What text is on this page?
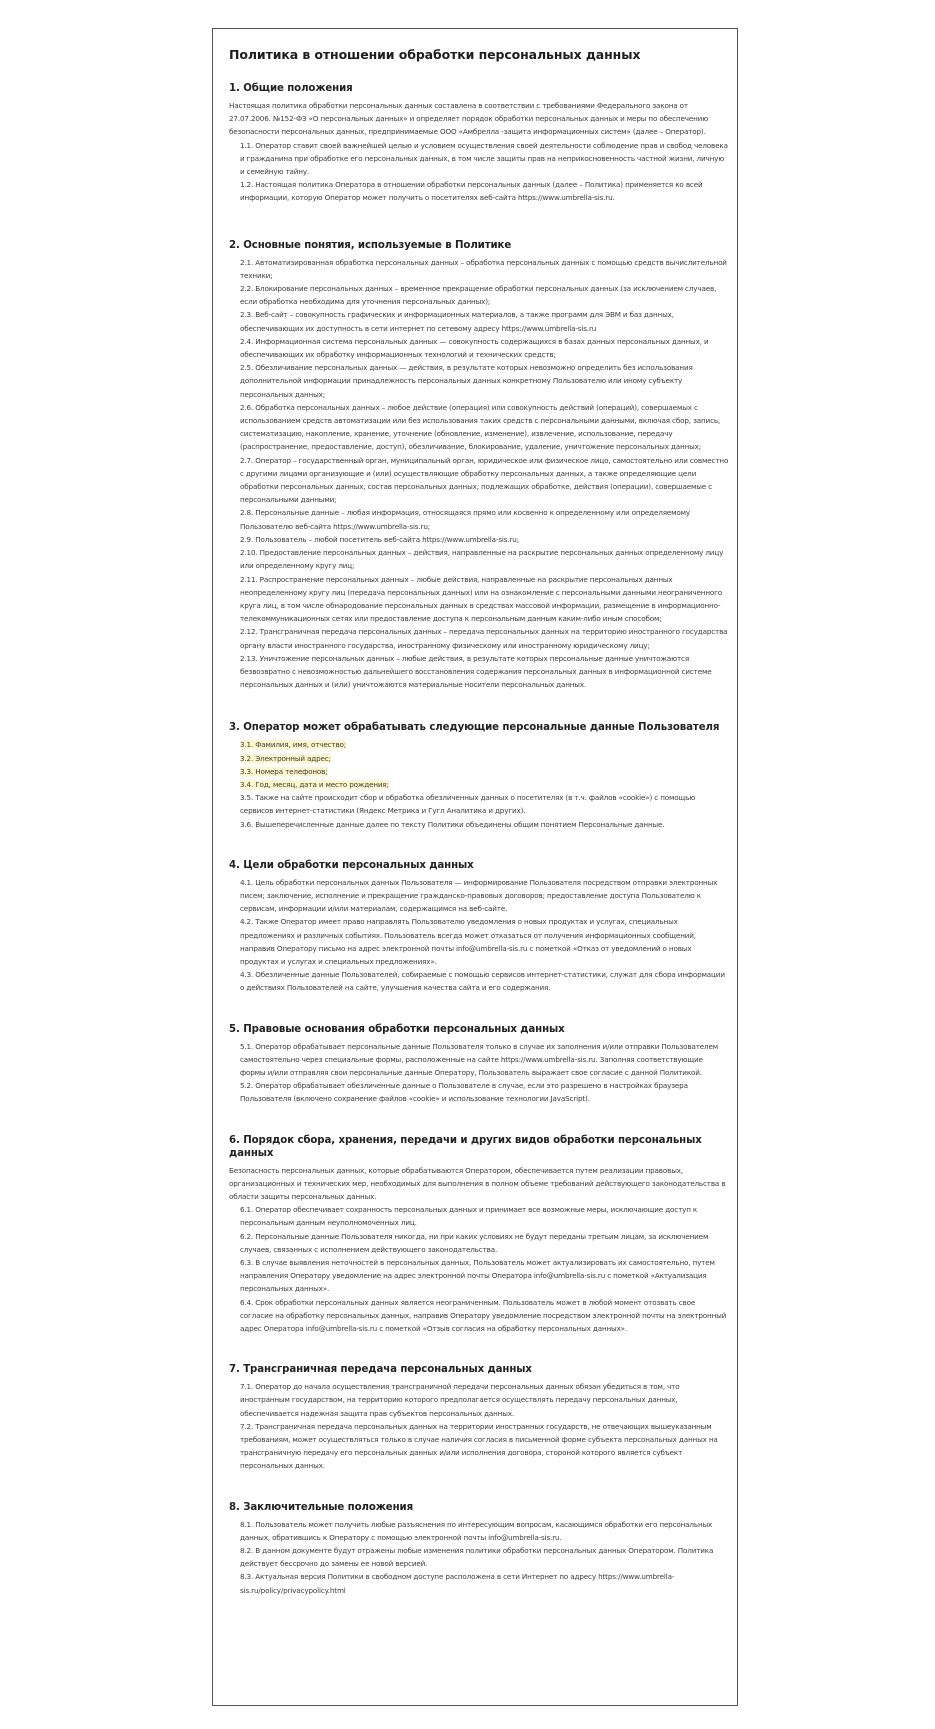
Политика в отношении обработки персональных данных
1. Общие положения

Настоящая политика обработки персональных данных составлена в соответствии с требованиями Федерального закона от 27.07.2006. №152-ФЗ «О персональных данных» и определяет порядок обработки персональных данных и меры по обеспечению безопасности персональных данных, предпринимаемые ООО «Амбрелла -защита информационных систем» (далее – Оператор).

1.1. Оператор ставит своей важнейшей целью и условием осуществления своей деятельности соблюдение прав и свобод человека и гражданина при обработке его персональных данных, в том числе защиты прав на неприкосновенность частной жизни, личную и семейную тайну.

1.2. Настоящая политика Оператора в отношении обработки персональных данных (далее – Политика) применяется ко всей информации, которую Оператор может получить о посетителях веб-сайта https://www.umbrella-sis.ru.

2. Основные понятия, используемые в Политике

2.1. Автоматизированная обработка персональных данных – обработка персональных данных с помощью средств вычислительной техники;

2.2. Блокирование персональных данных – временное прекращение обработки персональных данных (за исключением случаев, если обработка необходима для уточнения персональных данных);

2.3. Веб-сайт – совокупность графических и информационных материалов, а также программ для ЭВМ и баз данных, обеспечивающих их доступность в сети интернет по сетевому адресу https://www.umbrella-sis.ru

2.4. Информационная система персональных данных — совокупность содержащихся в базах данных персональных данных, и обеспечивающих их обработку информационных технологий и технических средств;

2.5. Обезличивание персональных данных — действия, в результате которых невозможно определить без использования дополнительной информации принадлежность персональных данных конкретному Пользователю или иному субъекту персональных данных;

2.6. Обработка персональных данных – любое действие (операция) или совокупность действий (операций), совершаемых с использованием средств автоматизации или без использования таких средств с персональными данными, включая сбор, запись, систематизацию, накопление, хранение, уточнение (обновление, изменение), извлечение, использование, передачу (распространение, предоставление, доступ), обезличивание, блокирование, удаление, уничтожение персональных данных;

2.7. Оператор – государственный орган, муниципальный орган, юридическое или физическое лицо, самостоятельно или совместно с другими лицами организующие и (или) осуществляющие обработку персональных данных, а также определяющие цели обработки персональных данных, состав персональных данных, подлежащих обработке, действия (операции), совершаемые с персональными данными;

2.8. Персональные данные – любая информация, относящаяся прямо или косвенно к определенному или определяемому Пользователю веб-сайта https://www.umbrella-sis.ru;

2.9. Пользователь – любой посетитель веб-сайта https://www.umbrella-sis.ru;

2.10. Предоставление персональных данных – действия, направленные на раскрытие персональных данных определенному лицу или определенному кругу лиц;

2.11. Распространение персональных данных – любые действия, направленные на раскрытие персональных данных неопределенному кругу лиц (передача персональных данных) или на ознакомление с персональными данными неограниченного круга лиц, в том числе обнародование персональных данных в средствах массовой информации, размещение в информационно-телекоммуникационных сетях или предоставление доступа к персональным данным каким-либо иным способом;

2.12. Трансграничная передача персональных данных – передача персональных данных на территорию иностранного государства органу власти иностранного государства, иностранному физическому или иностранному юридическому лицу;

2.13. Уничтожение персональных данных – любые действия, в результате которых персональные данные уничтожаются безвозвратно с невозможностью дальнейшего восстановления содержания персональных данных в информационной системе персональных данных и (или) уничтожаются материальные носители персональных данных.

3. Оператор может обрабатывать следующие персональные данные Пользователя

3.1. Фамилия, имя, отчество;

3.2. Электронный адрес;

3.3. Номера телефонов;

3.4. Год, месяц, дата и место рождения;

3.5. Также на сайте происходит сбор и обработка обезличенных данных о посетителях (в т.ч. файлов «cookie») с помощью сервисов интернет-статистики (Яндекс Метрика и Гугл Аналитика и других).

3.6. Вышеперечисленные данные далее по тексту Политики объединены общим понятием Персональные данные.

4. Цели обработки персональных данных

4.1. Цель обработки персональных данных Пользователя — информирование Пользователя посредством отправки электронных писем; заключение, исполнение и прекращение гражданско-правовых договоров; предоставление доступа Пользователю к сервисам, информации и/или материалам, содержащимся на веб-сайте.

4.2. Также Оператор имеет право направлять Пользователю уведомления о новых продуктах и услугах, специальных предложениях и различных событиях. Пользователь всегда может отказаться от получения информационных сообщений, направив Оператору письмо на адрес электронной почты info@umbrella-sis.ru с пометкой «Отказ от уведомлений о новых продуктах и услугах и специальных предложениях».

4.3. Обезличенные данные Пользователей, собираемые с помощью сервисов интернет-статистики, служат для сбора информации о действиях Пользователей на сайте, улучшения качества сайта и его содержания.

5. Правовые основания обработки персональных данных

5.1. Оператор обрабатывает персональные данные Пользователя только в случае их заполнения и/или отправки Пользователем самостоятельно через специальные формы, расположенные на сайте https://www.umbrella-sis.ru. Заполняя соответствующие формы и/или отправляя свои персональные данные Оператору, Пользователь выражает свое согласие с данной Политикой.

5.2. Оператор обрабатывает обезличенные данные о Пользователе в случае, если это разрешено в настройках браузера Пользователя (включено сохранение файлов «cookie» и использование технологии JavaScript).

6. Порядок сбора, хранения, передачи и других видов обработки персональных данных

Безопасность персональных данных, которые обрабатываются Оператором, обеспечивается путем реализации правовых, организационных и технических мер, необходимых для выполнения в полном объеме требований действующего законодательства в области защиты персональных данных.

6.1. Оператор обеспечивает сохранность персональных данных и принимает все возможные меры, исключающие доступ к персональным данным неуполномоченных лиц.

6.2. Персональные данные Пользователя никогда, ни при каких условиях не будут переданы третьим лицам, за исключением случаев, связанных с исполнением действующего законодательства.

6.3. В случае выявления неточностей в персональных данных, Пользователь может актуализировать их самостоятельно, путем направления Оператору уведомление на адрес электронной почты Оператора info@umbrella-sis.ru с пометкой «Актуализация персональных данных».

6.4. Срок обработки персональных данных является неограниченным. Пользователь может в любой момент отозвать свое согласие на обработку персональных данных, направив Оператору уведомление посредством электронной почты на электронный адрес Оператора info@umbrella-sis.ru с пометкой «Отзыв согласия на обработку персональных данных».

7. Трансграничная передача персональных данных

7.1. Оператор до начала осуществления трансграничной передачи персональных данных обязан убедиться в том, что иностранным государством, на территорию которого предполагается осуществлять передачу персональных данных, обеспечивается надежная защита прав субъектов персональных данных.

7.2. Трансграничная передача персональных данных на территории иностранных государств, не отвечающих вышеуказанным требованиям, может осуществляться только в случае наличия согласия в письменной форме субъекта персональных данных на трансграничную передачу его персональных данных и/или исполнения договора, стороной которого является субъект персональных данных.

8. Заключительные положения

8.1. Пользователь может получить любые разъяснения по интересующим вопросам, касающимся обработки его персональных данных, обратившись к Оператору с помощью электронной почты info@umbrella-sis.ru.

8.2. В данном документе будут отражены любые изменения политики обработки персональных данных Оператором. Политика действует бессрочно до замены ее новой версией.

8.3. Актуальная версия Политики в свободном доступе расположена в сети Интернет по адресу https://www.umbrella-sis.ru/policy/privacypolicy.html
